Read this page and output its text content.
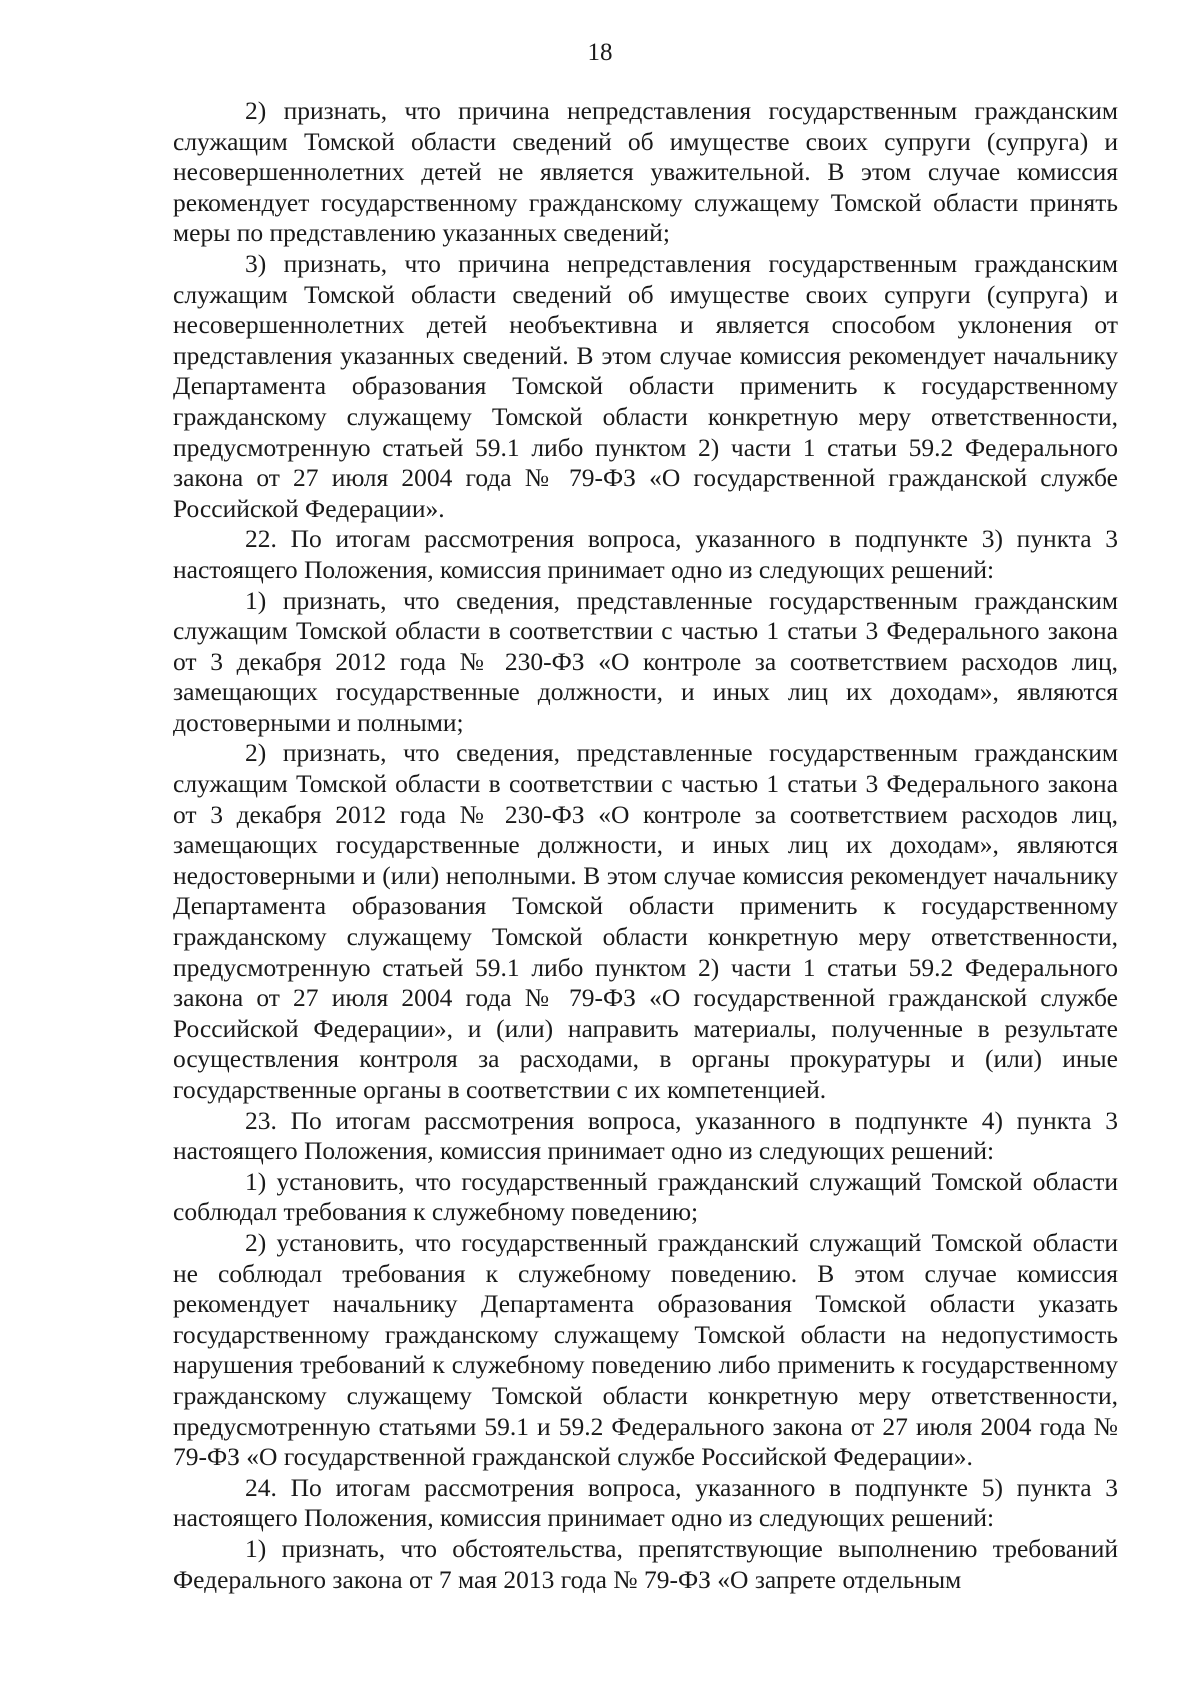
18

2) признать, что причина непредставления государственным гражданским служащим Томской области сведений об имуществе своих супруги (супруга) и несовершеннолетних детей не является уважительной. В этом случае комиссия рекомендует государственному гражданскому служащему Томской области принять меры по представлению указанных сведений;

3) признать, что причина непредставления государственным гражданским служащим Томской области сведений об имуществе своих супруги (супруга) и несовершеннолетних детей необъективна и является способом уклонения от представления указанных сведений. В этом случае комиссия рекомендует начальнику Департамента образования Томской области применить к государственному гражданскому служащему Томской области конкретную меру ответственности, предусмотренную статьей 59.1 либо пунктом 2) части 1 статьи 59.2 Федерального закона от 27 июля 2004 года № 79-ФЗ «О государственной гражданской службе Российской Федерации».

22. По итогам рассмотрения вопроса, указанного в подпункте 3) пункта 3 настоящего Положения, комиссия принимает одно из следующих решений:

1) признать, что сведения, представленные государственным гражданским служащим Томской области в соответствии с частью 1 статьи 3 Федерального закона от 3 декабря 2012 года № 230-ФЗ «О контроле за соответствием расходов лиц, замещающих государственные должности, и иных лиц их доходам», являются достоверными и полными;

2) признать, что сведения, представленные государственным гражданским служащим Томской области в соответствии с частью 1 статьи 3 Федерального закона от 3 декабря 2012 года № 230-ФЗ «О контроле за соответствием расходов лиц, замещающих государственные должности, и иных лиц их доходам», являются недостоверными и (или) неполными. В этом случае комиссия рекомендует начальнику Департамента образования Томской области применить к государственному гражданскому служащему Томской области конкретную меру ответственности, предусмотренную статьей 59.1 либо пунктом 2) части 1 статьи 59.2 Федерального закона от 27 июля 2004 года № 79-ФЗ «О государственной гражданской службе Российской Федерации», и (или) направить материалы, полученные в результате осуществления контроля за расходами, в органы прокуратуры и (или) иные государственные органы в соответствии с их компетенцией.

23. По итогам рассмотрения вопроса, указанного в подпункте 4) пункта 3 настоящего Положения, комиссия принимает одно из следующих решений:

1) установить, что государственный гражданский служащий Томской области соблюдал требования к служебному поведению;

2) установить, что государственный гражданский служащий Томской области не соблюдал требования к служебному поведению. В этом случае комиссия рекомендует начальнику Департамента образования Томской области указать государственному гражданскому служащему Томской области на недопустимость нарушения требований к служебному поведению либо применить к государственному гражданскому служащему Томской области конкретную меру ответственности, предусмотренную статьями 59.1 и 59.2 Федерального закона от 27 июля 2004 года № 79-ФЗ «О государственной гражданской службе Российской Федерации».

24. По итогам рассмотрения вопроса, указанного в подпункте 5) пункта 3 настоящего Положения, комиссия принимает одно из следующих решений:

1) признать, что обстоятельства, препятствующие выполнению требований Федерального закона от 7 мая 2013 года № 79-ФЗ «О запрете отдельным
